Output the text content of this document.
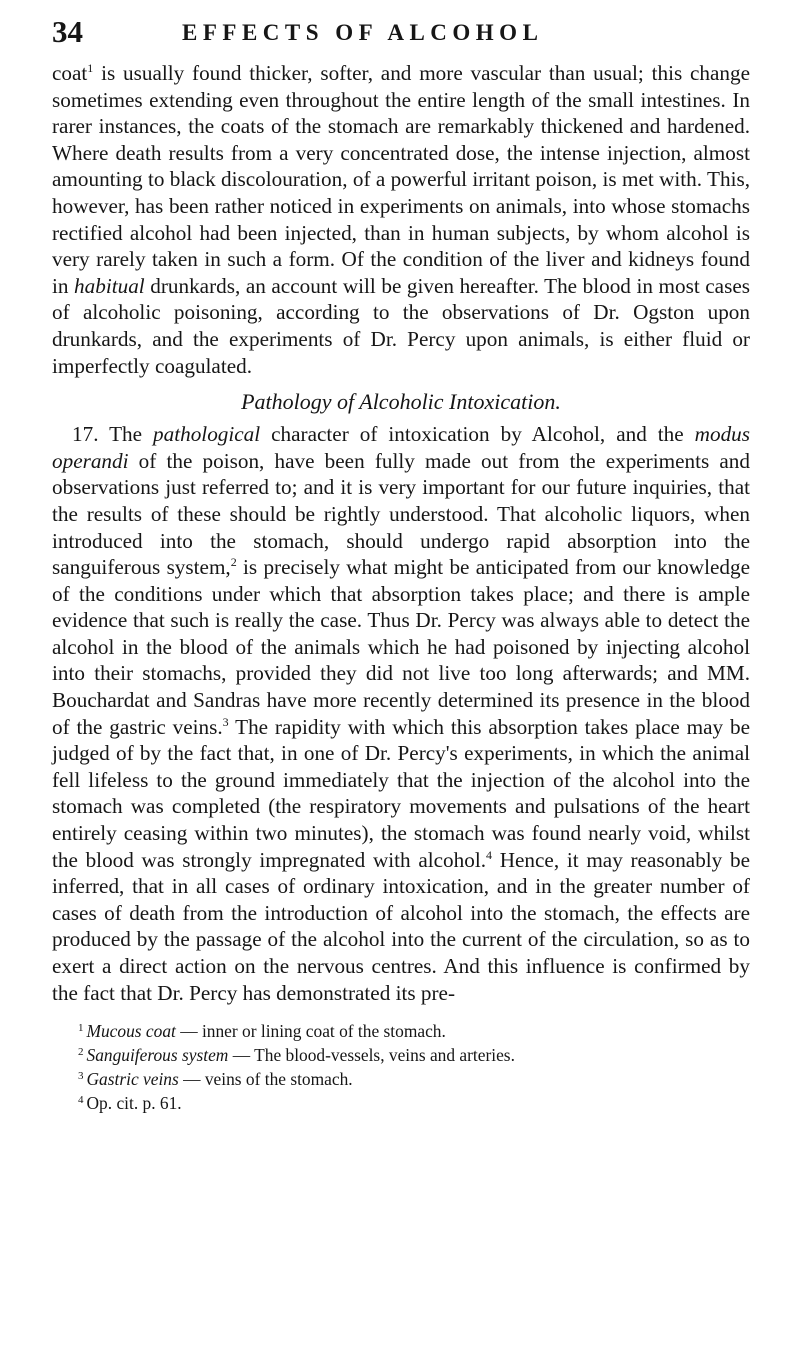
34	EFFECTS OF ALCOHOL

coat$^1$ is usually found thicker, softer, and more vascular than usual; this change sometimes extending even throughout the entire length of the small intestines. In rarer instances, the coats of the stomach are remarkably thickened and hardened. Where death results from a very concentrated dose, the intense injection, almost amounting to black discolouration, of a powerful irritant poison, is met with. This, however, has been rather noticed in experiments on animals, into whose stomachs rectified alcohol had been injected, than in human subjects, by whom alcohol is very rarely taken in such a form. Of the condition of the liver and kidneys found in habitual drunkards, an account will be given hereafter. The blood in most cases of alcoholic poisoning, according to the observations of Dr. Ogston upon drunkards, and the experiments of Dr. Percy upon animals, is either fluid or imperfectly coagulated.

Pathology of Alcoholic Intoxication.

17. The pathological character of intoxication by Alcohol, and the modus operandi of the poison, have been fully made out from the experiments and observations just referred to; and it is very important for our future inquiries, that the results of these should be rightly understood. That alcoholic liquors, when introduced into the stomach, should undergo rapid absorption into the sanguiferous system,$^2$ is precisely what might be anticipated from our knowledge of the conditions under which that absorption takes place; and there is ample evidence that such is really the case. Thus Dr. Percy was always able to detect the alcohol in the blood of the animals which he had poisoned by injecting alcohol into their stomachs, provided they did not live too long afterwards; and MM. Bouchardat and Sandras have more recently determined its presence in the blood of the gastric veins.$^3$ The rapidity with which this absorption takes place may be judged of by the fact that, in one of Dr. Percy's experiments, in which the animal fell lifeless to the ground immediately that the injection of the alcohol into the stomach was completed (the respiratory movements and pulsations of the heart entirely ceasing within two minutes), the stomach was found nearly void, whilst the blood was strongly impregnated with alcohol.$^4$ Hence, it may reasonably be inferred, that in all cases of ordinary intoxication, and in the greater number of cases of death from the introduction of alcohol into the stomach, the effects are produced by the passage of the alcohol into the current of the circulation, so as to exert a direct action on the nervous centres. And this influence is confirmed by the fact that Dr. Percy has demonstrated its pre-

$^1$ Mucous coat — inner or lining coat of the stomach.
$^2$ Sanguiferous system — The blood-vessels, veins and arteries.
$^3$ Gastric veins — veins of the stomach.
$^4$ Op. cit. p. 61.
